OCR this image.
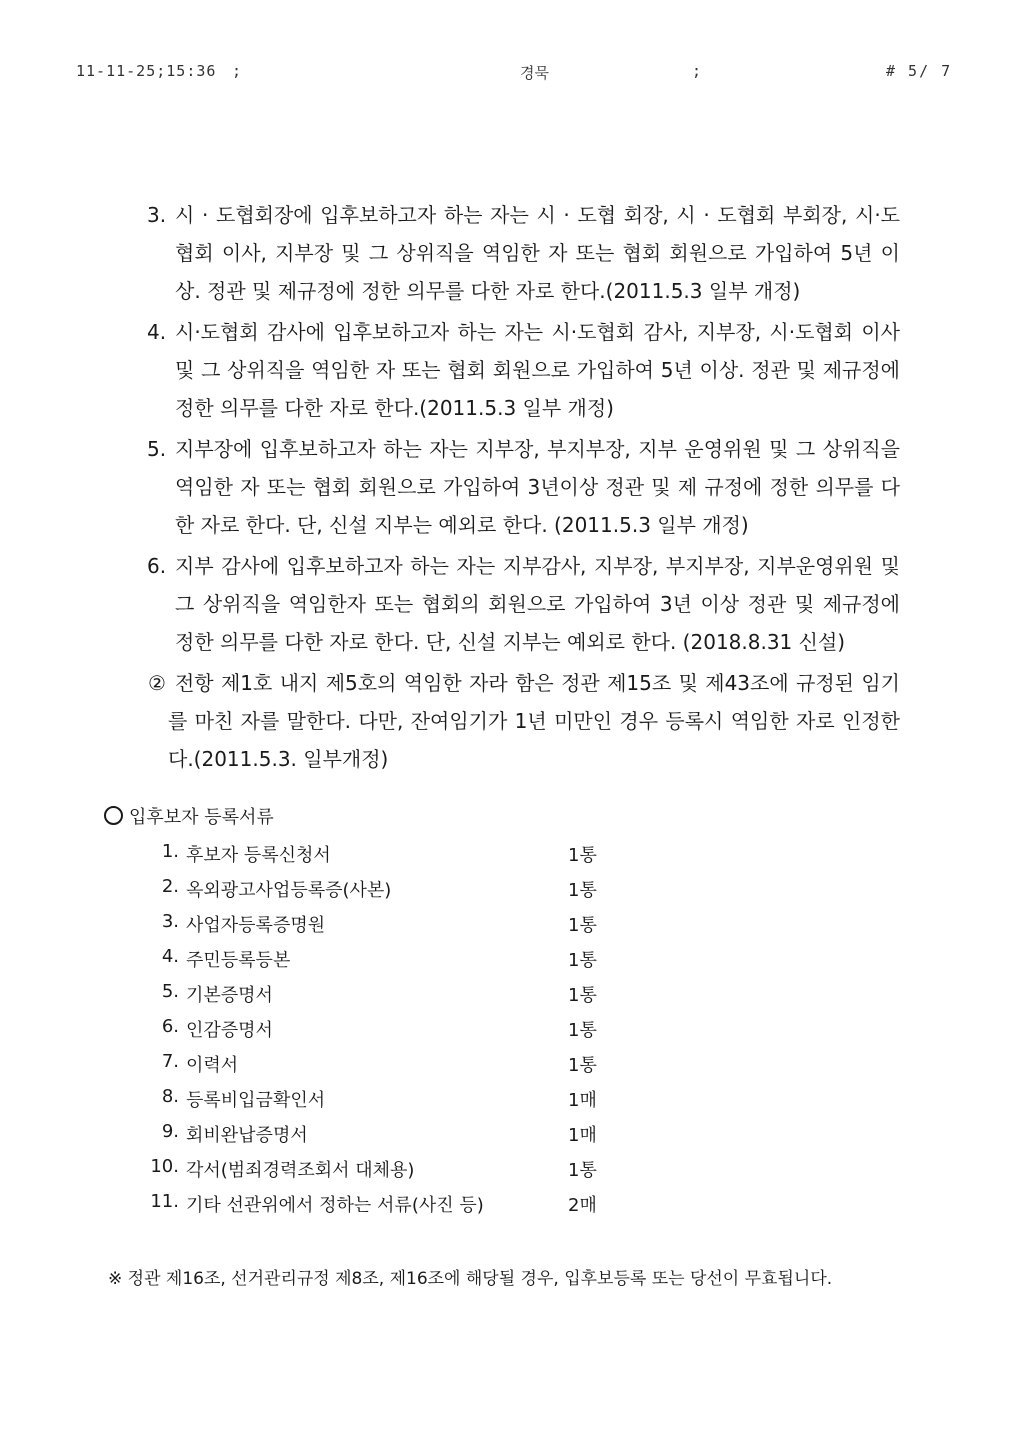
11-11-25;15:36 ;	경묵	;	# 5/ 7
3. 시 · 도협회장에 입후보하고자 하는 자는 시 · 도협 회장, 시 · 도협회 부회장, 시·도협회 이사, 지부장 및 그 상위직을 역임한 자 또는 협회 회원으로 가입하여 5년 이상. 정관 및 제규정에 정한 의무를 다한 자로 한다.(2011.5.3 일부 개정)
4. 시·도협회 감사에 입후보하고자 하는 자는 시·도협회 감사, 지부장, 시·도협회 이사 및 그 상위직을 역임한 자 또는 협회 회원으로 가입하여 5년 이상. 정관 및 제규정에 정한 의무를 다한 자로 한다.(2011.5.3 일부 개정)
5. 지부장에 입후보하고자 하는 자는 지부장, 부지부장, 지부 운영위원 및 그 상위직을 역임한 자 또는 협회 회원으로 가입하여 3년이상 정관 및 제 규정에 정한 의무를 다한 자로 한다. 단, 신설 지부는 예외로 한다. (2011.5.3 일부 개정)
6. 지부 감사에 입후보하고자 하는 자는 지부감사, 지부장, 부지부장, 지부운영위원 및 그 상위직을 역임한자 또는 협회의 회원으로 가입하여 3년 이상 정관 및 제규정에 정한 의무를 다한 자로 한다. 단, 신설 지부는 예외로 한다. (2018.8.31 신설)
② 전항 제1호 내지 제5호의 역임한 자라 함은 정관 제15조 및 제43조에 규정된 임기를 마친 자를 말한다. 다만, 잔여임기가 1년 미만인 경우 등록시 역임한 자로 인정한다.(2011.5.3. 일부개정)
입후보자 등록서류
1. 후보자 등록신청서	1통
2. 옥외광고사업등록증(사본)	1통
3. 사업자등록증명원	1통
4. 주민등록등본	1통
5. 기본증명서	1통
6. 인감증명서	1통
7. 이력서	1통
8. 등록비입금확인서	1매
9. 회비완납증명서	1매
10. 각서(범죄경력조회서 대체용)	1통
11. 기타 선관위에서 정하는 서류(사진 등)	2매
※ 정관 제16조, 선거관리규정 제8조, 제16조에 해당될 경우, 입후보등록 또는 당선이 무효됩니다.
